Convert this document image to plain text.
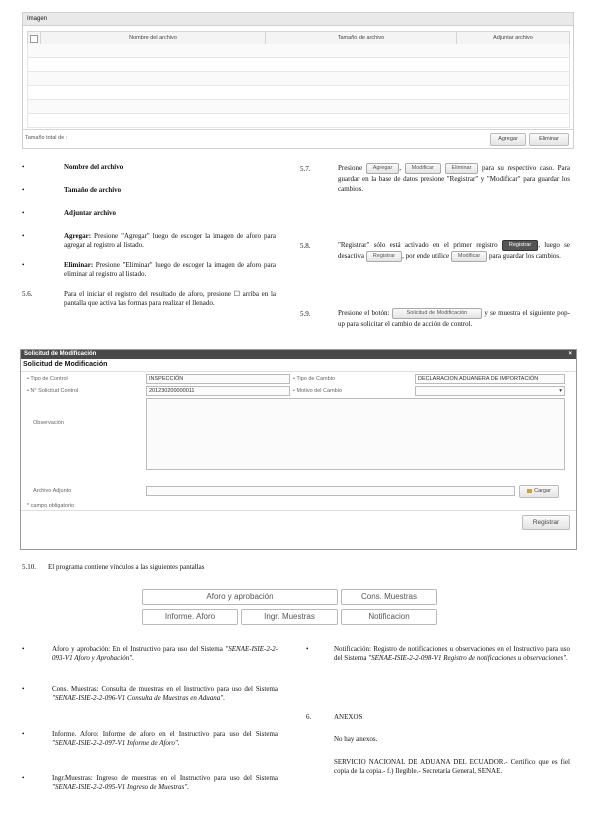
Imagen
Nombre del archivo	Tamaño de archivo	Adjuntar archivo
Tamaño total de :	Agregar	Eliminar
•	Nombre del archivo
•	Tamaño de archivo
•	Adjuntar archivo
•	Agregar: Presione "Agregar" luego de escoger la imagen de aforo para agregar al registro al listado.
•	Eliminar: Presione "Eliminar" luego de escoger la imagen de aforo para eliminar al registro al listado.
5.6.	Para el iniciar el registro del resultado de aforo, presione ☐ arriba en la pantalla que activa las formas para realizar el llenado.
5.7.	Presione Agregar , Modificar	Eliminar para su respectivo caso. Para guardar en la base de datos presione "Registrar" y "Modificar" para guardar los cambios.
5.8.	"Registrar" sólo está activado en el primer registro Registrar , luego se desactiva Registrar , por ende utilice Modificar para guardar los cambios.
5.9.	Presione el botón:	Solicitud de Modificación y se muestra el siguiente pop-up para solicitar el cambio de acción de control.
Solicitud de Modificación	×
Solicitud de Modificación
• Tipo de Control	INSPECCIÓN	• Tipo de Cambio	DECLARACION ADUANERA DE IMPORTACIÓN
• N° Solicitud Control	201230200000011	• Motivo del Cambio	▾
Observación
Archivo Adjunto	Cargar
* campo obligatorio
Registrar
5.10. El programa contiene vínculos a las siguientes pantallas
Aforo y aprobación	Cons. Muestras
Informe. Aforo	Ingr. Muestras	Notificacion
•	Aforo y aprobación: En el Instructivo para uso del Sistema "SENAE-ISIE-2-2-093-V1 Aforo y Aprobación".
•	Cons. Muestras: Consulta de muestras en el Instructivo para uso del Sistema "SENAE-ISIE-2-2-096-V1 Consulta de Muestras en Aduana".
•	Informe. Aforo: Informe de aforo en el Instructivo para uso del Sistema "SENAE-ISIE-2-2-097-V1 Informe de Aforo".
•	Ingr.Muestras: Ingreso de muestras en el Instructivo para uso del Sistema "SENAE-ISIE-2-2-095-V1 Ingreso de Muestras".
•	Notificación: Registro de notificaciones u observaciones en el Instructivo para uso del Sistema "SENAE-ISIE-2-2-098-V1 Registro de notificaciones u observaciones".
6.	ANEXOS
No hay anexos.
SERVICIO NACIONAL DE ADUANA DEL ECUADOR.- Certifico que es fiel copia de la copia.- f.) Ilegible.- Secretaría General, SENAE.
